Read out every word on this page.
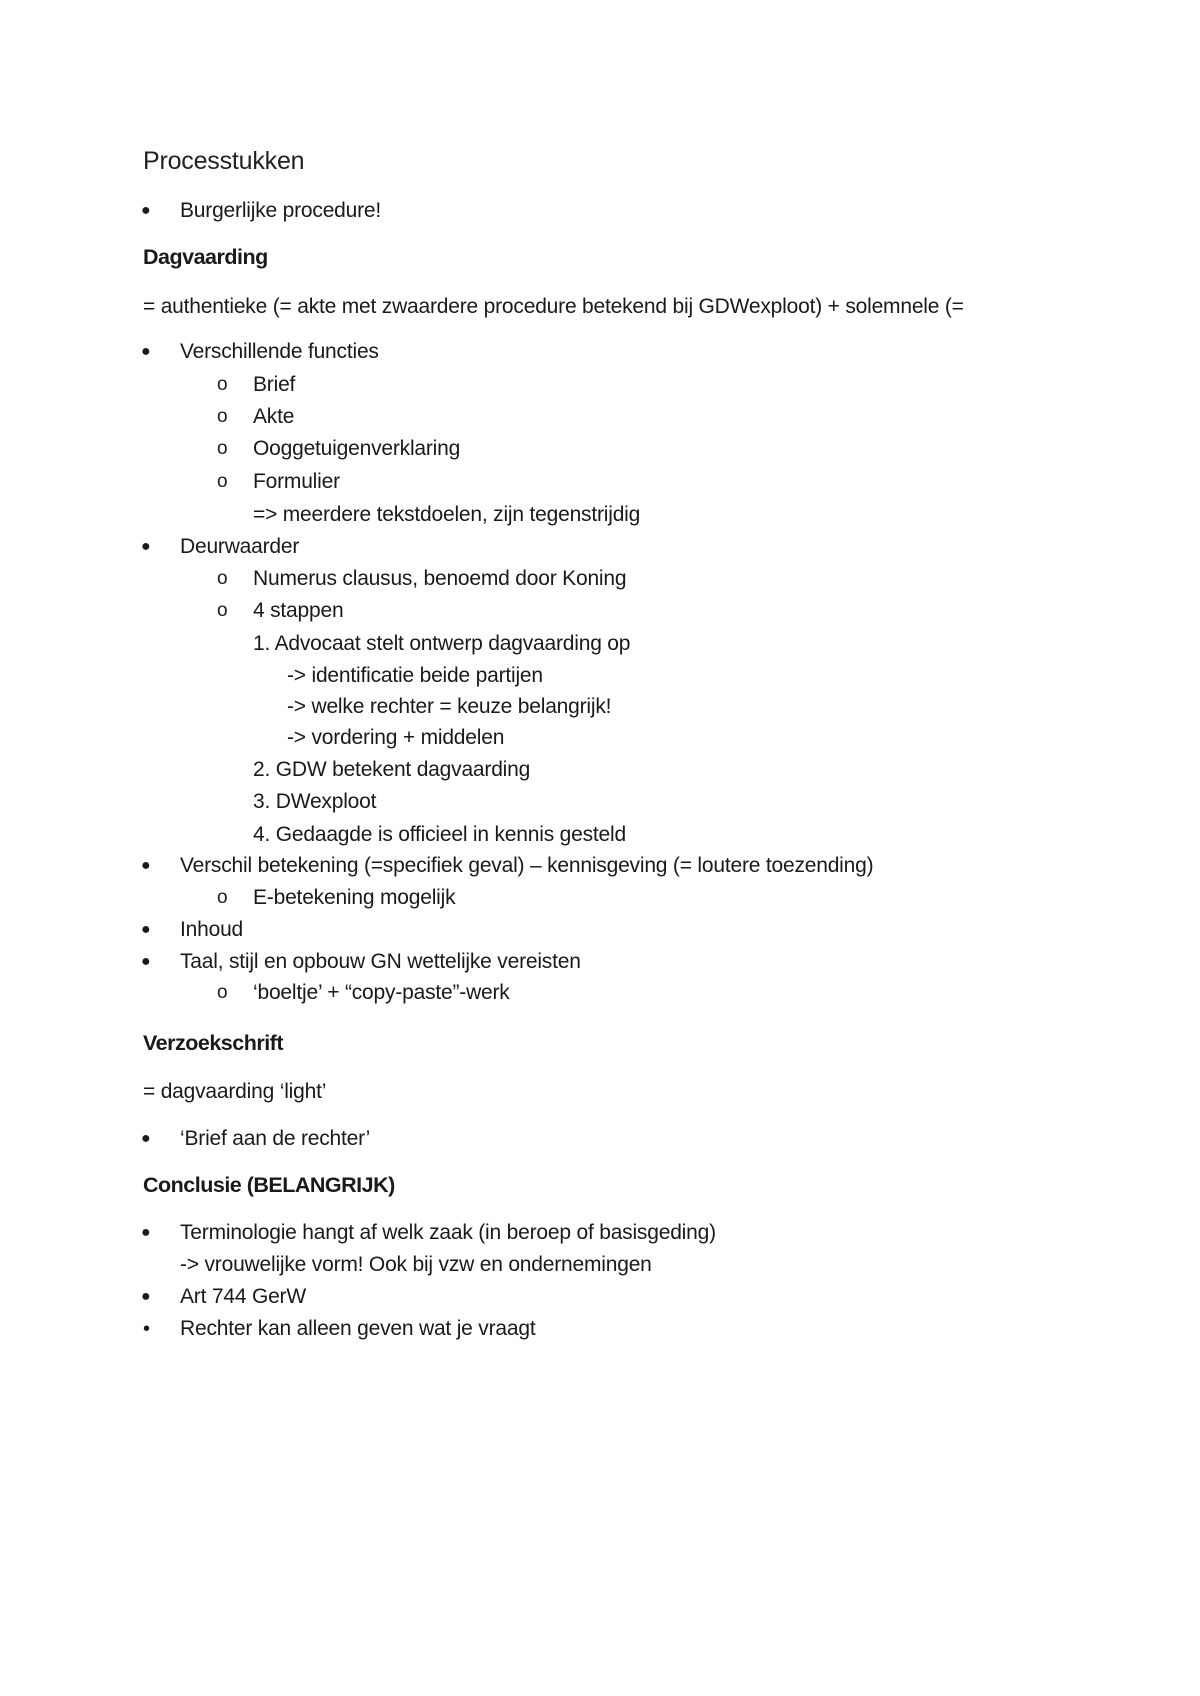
Processtukken
● Burgerlijke procedure!
Dagvaarding
= authentieke (= akte met zwaardere procedure betekend bij GDWexploot) + solemnele (=
● Verschillende functies
o Brief
o Akte
o Ooggetuigenverklaring
o Formulier
=> meerdere tekstdoelen, zijn tegenstrijdig
● Deurwaarder
o Numerus clausus, benoemd door Koning
o 4 stappen
1. Advocaat stelt ontwerp dagvaarding op
-> identificatie beide partijen
-> welke rechter = keuze belangrijk!
-> vordering + middelen
2. GDW betekent dagvaarding
3. DWexploot
4. Gedaagde is officieel in kennis gesteld
● Verschil betekening (=specifiek geval) – kennisgeving (= loutere toezending)
o E-betekening mogelijk
● Inhoud
● Taal, stijl en opbouw GN wettelijke vereisten
o ‘boeltje’ + “copy-paste”-werk
Verzoekschrift
= dagvaarding ‘light’
● ‘Brief aan de rechter’
Conclusie (BELANGRIJK)
● Terminologie hangt af welk zaak (in beroep of basisgeding)
-> vrouwelijke vorm! Ook bij vzw en ondernemingen
● Art 744 GerW
• Rechter kan alleen geven wat je vraagt
